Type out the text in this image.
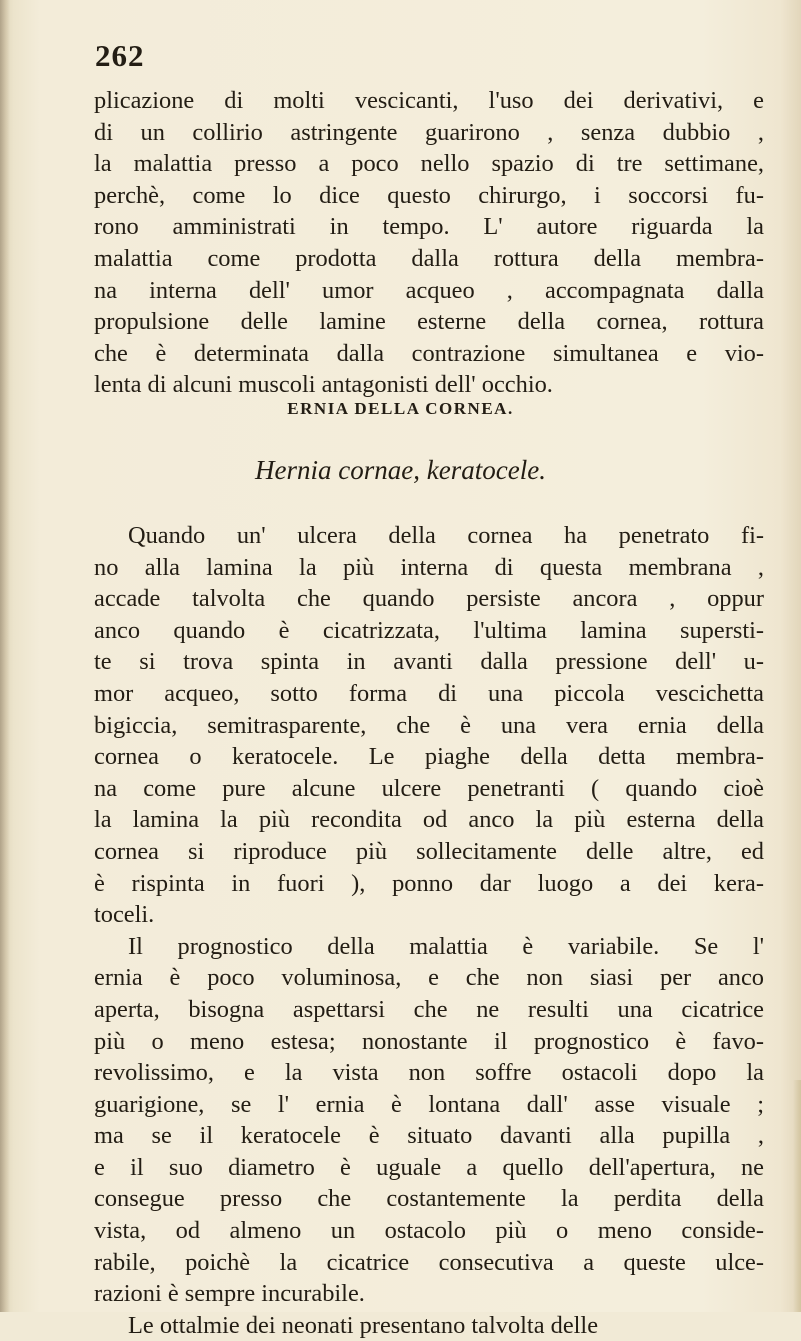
262
plicazione di molti vescicanti, l'uso dei derivativi, e
di un collirio astringente guarirono , senza dubbio ,
la malattia presso a poco nello spazio di tre settimane,
perchè, come lo dice questo chirurgo, i soccorsi fu-
rono amministrati in tempo. L' autore riguarda la
malattia come prodotta dalla rottura della membra-
na interna dell' umor acqueo , accompagnata dalla
propulsione delle lamine esterne della cornea, rottura
che è determinata dalla contrazione simultanea e vio-
lenta di alcuni muscoli antagonisti dell' occhio.
ERNIA DELLA CORNEA.
Hernia cornae, keratocele.
Quando un' ulcera della cornea ha penetrato fi-
no alla lamina la più interna di questa membrana ,
accade talvolta che quando persiste ancora , oppur
anco quando è cicatrizzata, l'ultima lamina supersti-
te si trova spinta in avanti dalla pressione dell' u-
mor acqueo, sotto forma di una piccola vescichetta
bigiccia, semitrasparente, che è una vera ernia della
cornea o keratocele. Le piaghe della detta membra-
na come pure alcune ulcere penetranti ( quando cioè
la lamina la più recondita od anco la più esterna della
cornea si riproduce più sollecitamente delle altre, ed
è rispinta in fuori ), ponno dar luogo a dei kera-
toceli.
Il prognostico della malattia è variabile. Se l'
ernia è poco voluminosa, e che non siasi per anco
aperta, bisogna aspettarsi che ne resulti una cicatrice
più o meno estesa; nonostante il prognostico è favo-
revolissimo, e la vista non soffre ostacoli dopo la
guarigione, se l' ernia è lontana dall' asse visuale ;
ma se il keratocele è situato davanti alla pupilla ,
e il suo diametro è uguale a quello dell'apertura, ne
consegue presso che costantemente la perdita della
vista, od almeno un ostacolo più o meno conside-
rabile, poichè la cicatrice consecutiva a queste ulce-
razioni è sempre incurabile.
Le ottalmie dei neonati presentano talvolta delle
